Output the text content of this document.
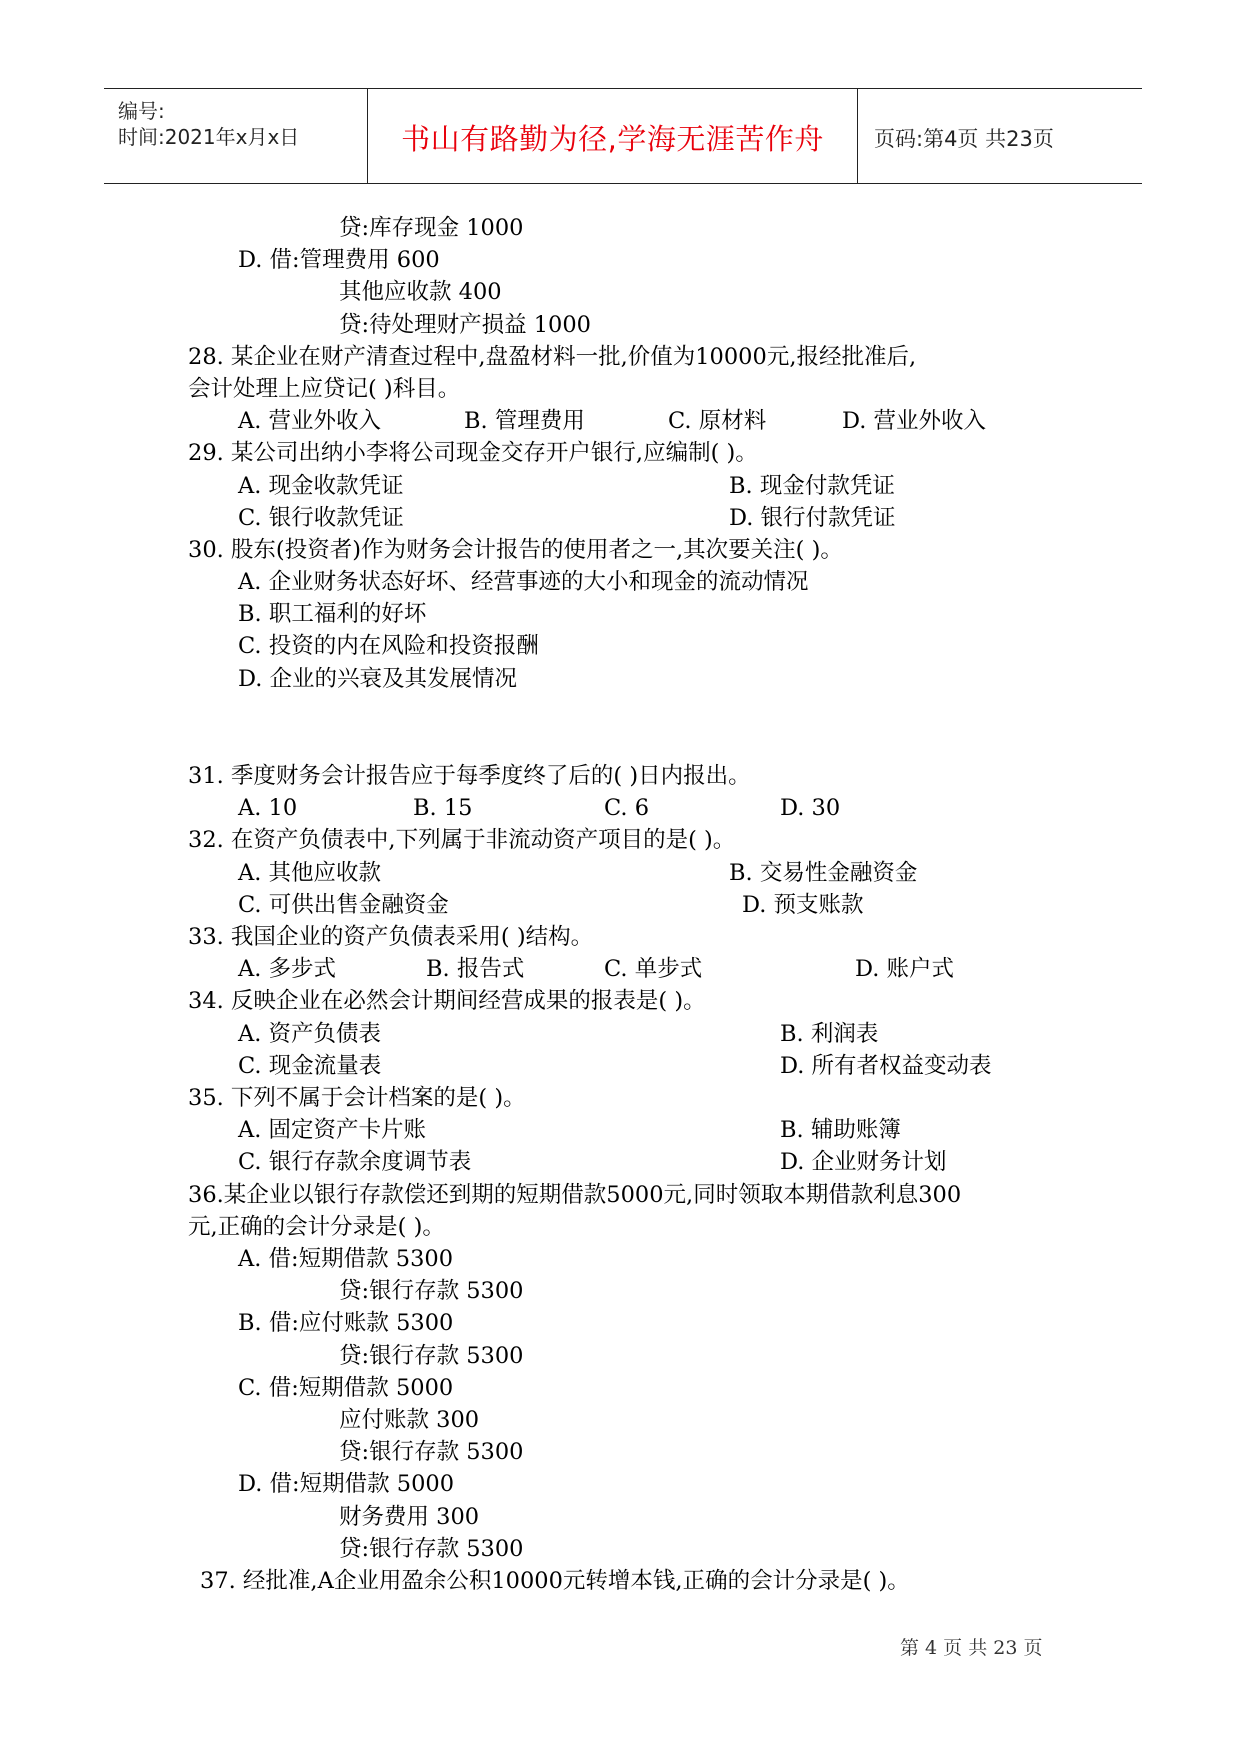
编号:
时间:2021年x月x日	书山有路勤为径,学海无涯苦作舟	页码:第4页 共23页
贷:库存现金 1000
D. 借:管理费用 600
其他应收款 400
贷:待处理财产损益 1000
28. 某企业在财产清查过程中,盘盈材料一批,价值为10000元,报经批准后,
会计处理上应贷记( )科目。
A. 营业外收入	B. 管理费用	C. 原材料	D. 营业外收入
29. 某公司出纳小李将公司现金交存开户银行,应编制( )。
A. 现金收款凭证	B. 现金付款凭证
C. 银行收款凭证	D. 银行付款凭证
30. 股东(投资者)作为财务会计报告的使用者之一,其次要关注( )。
A. 企业财务状态好坏、经营事迹的大小和现金的流动情况
B. 职工福利的好坏
C. 投资的内在风险和投资报酬
D. 企业的兴衰及其发展情况
31. 季度财务会计报告应于每季度终了后的( )日内报出。
A. 10	B. 15	C. 6	D. 30
32. 在资产负债表中,下列属于非流动资产项目的是( )。
A. 其他应收款	B. 交易性金融资金
C. 可供出售金融资金	D. 预支账款
33. 我国企业的资产负债表采用( )结构。
A. 多步式	B. 报告式	C. 单步式	D. 账户式
34. 反映企业在必然会计期间经营成果的报表是( )。
A. 资产负债表	B. 利润表
C. 现金流量表	D. 所有者权益变动表
35. 下列不属于会计档案的是( )。
A. 固定资产卡片账	B. 辅助账簿
C. 银行存款余度调节表	D. 企业财务计划
36.某企业以银行存款偿还到期的短期借款5000元,同时领取本期借款利息300
元,正确的会计分录是( )。
A. 借:短期借款 5300
贷:银行存款 5300
B. 借:应付账款 5300
贷:银行存款 5300
C. 借:短期借款 5000
应付账款 300
贷:银行存款 5300
D. 借:短期借款 5000
财务费用 300
贷:银行存款 5300
37. 经批准,A企业用盈余公积10000元转增本钱,正确的会计分录是( )。
第 4 页 共 23 页
